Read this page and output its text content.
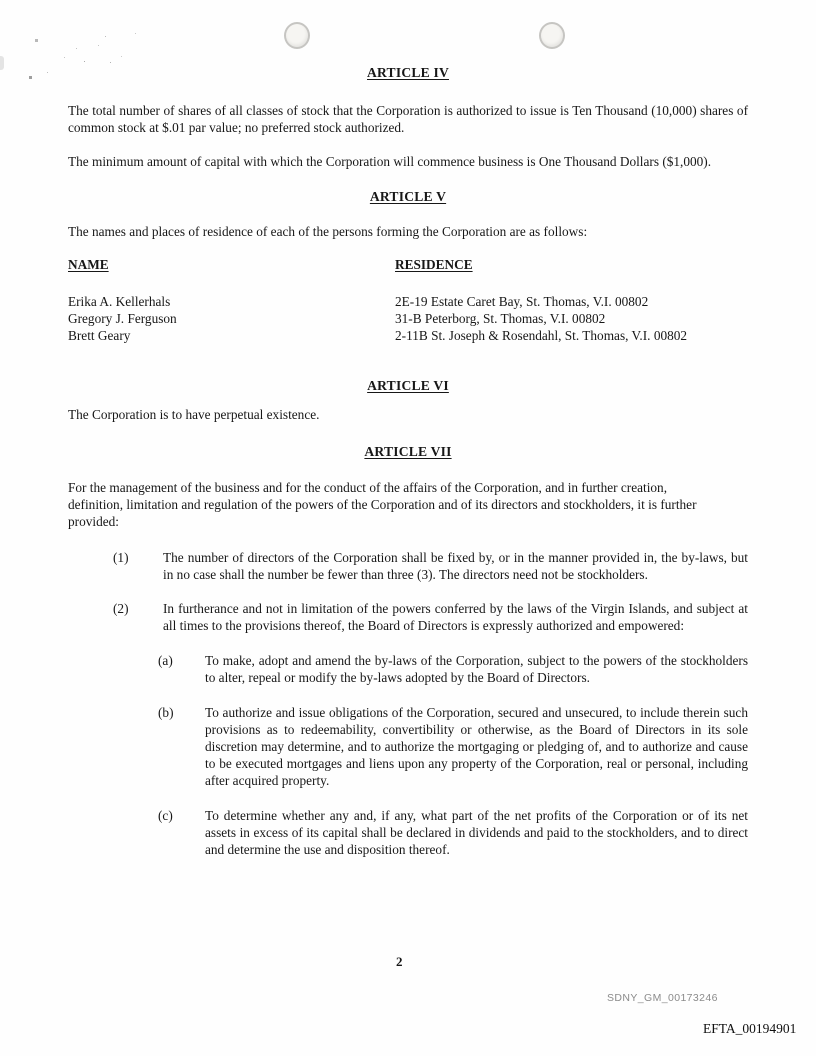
ARTICLE IV

The total number of shares of all classes of stock that the Corporation is authorized to issue is Ten Thousand (10,000) shares of common stock at $.01 par value; no preferred stock authorized.

The minimum amount of capital with which the Corporation will commence business is One Thousand Dollars ($1,000).

ARTICLE V

The names and places of residence of each of the persons forming the Corporation are as follows:

NAME	RESIDENCE
Erika A. Kellerhals	2E-19 Estate Caret Bay, St. Thomas, V.I. 00802
Gregory J. Ferguson	31-B Peterborg, St. Thomas, V.I. 00802
Brett Geary	2-11B St. Joseph & Rosendahl, St. Thomas, V.I. 00802
ARTICLE VI

The Corporation is to have perpetual existence.

ARTICLE VII

For the management of the business and for the conduct of the affairs of the Corporation, and in further creation, definition, limitation and regulation of the powers of the Corporation and of its directors and stockholders, it is further provided:

(1)	The number of directors of the Corporation shall be fixed by, or in the manner provided in, the by-laws, but in no case shall the number be fewer than three (3). The directors need not be stockholders.
(2)	In furtherance and not in limitation of the powers conferred by the laws of the Virgin Islands, and subject at all times to the provisions thereof, the Board of Directors is expressly authorized and empowered:
(a)	To make, adopt and amend the by-laws of the Corporation, subject to the powers of the stockholders to alter, repeal or modify the by-laws adopted by the Board of Directors.
(b)	To authorize and issue obligations of the Corporation, secured and unsecured, to include therein such provisions as to redeemability, convertibility or otherwise, as the Board of Directors in its sole discretion may determine, and to authorize the mortgaging or pledging of, and to authorize and cause to be executed mortgages and liens upon any property of the Corporation, real or personal, including after acquired property.
(c)	To determine whether any and, if any, what part of the net profits of the Corporation or of its net assets in excess of its capital shall be declared in dividends and paid to the stockholders, and to direct and determine the use and disposition thereof.
2
SDNY_GM_00173246
EFTA_00194901
